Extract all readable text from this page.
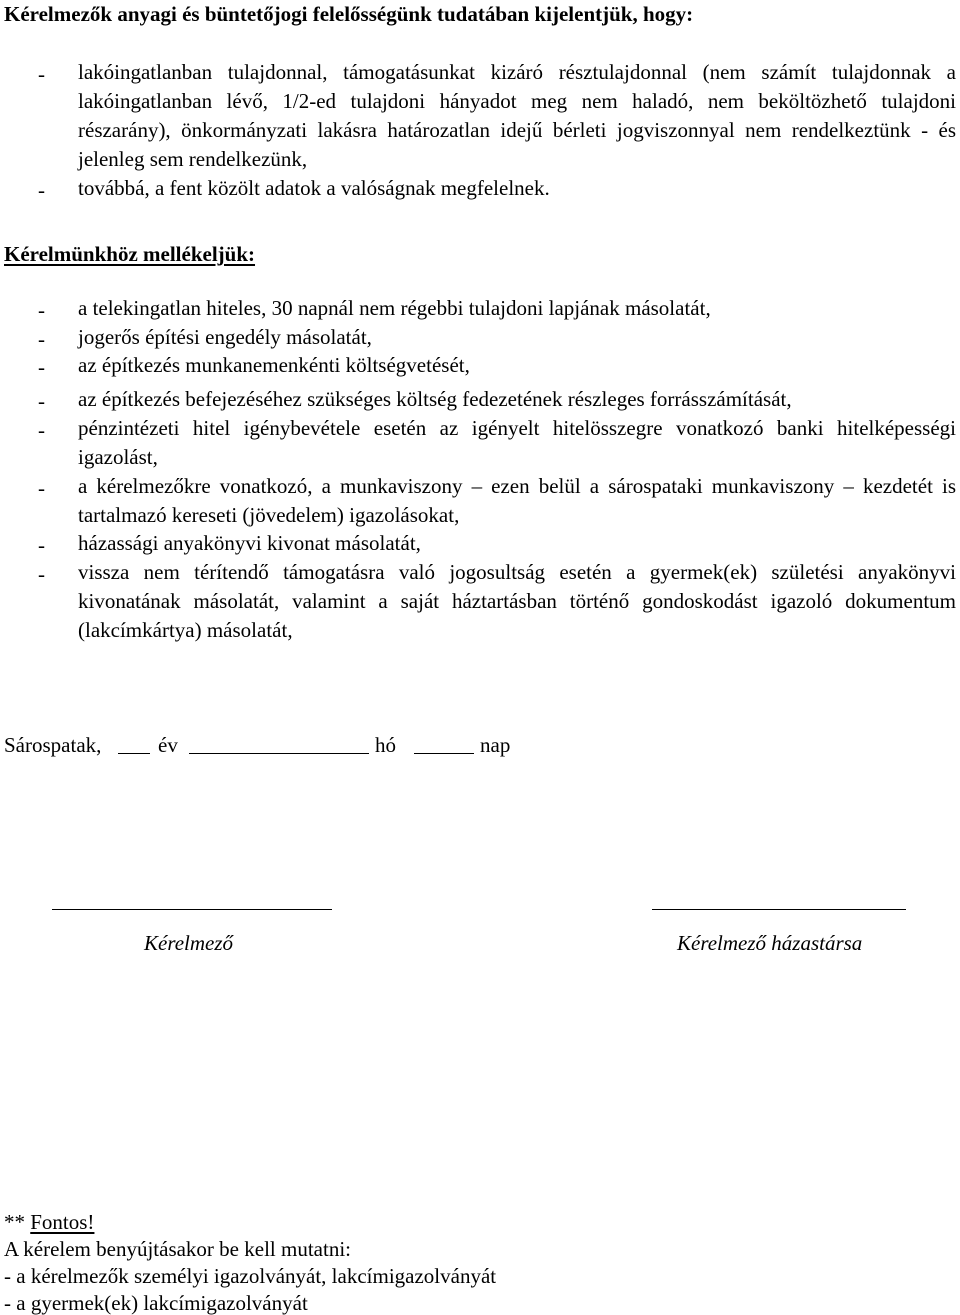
Kérelmezők anyagi és büntetőjogi felelősségünk tudatában kijelentjük, hogy:
- lakóingatlanban tulajdonnal, támogatásunkat kizáró résztulajdonnal (nem számít tulajdonnak a lakóingatlanban lévő, 1/2-ed tulajdoni hányadot meg nem haladó, nem beköltözhető tulajdoni részarány), önkormányzati lakásra határozatlan idejű bérleti jogviszonnyal nem rendelkeztünk - és jelenleg sem rendelkezünk,
- továbbá, a fent közölt adatok a valóságnak megfelelnek.
Kérelmünkhöz mellékeljük:
- a telekingatlan hiteles, 30 napnál nem régebbi tulajdoni lapjának másolatát,
- jogerős építési engedély másolatát,
- az építkezés munkanemenkénti költségvetését,
- az építkezés befejezéséhez szükséges költség fedezetének részleges forrásszámítását,
- pénzintézeti hitel igénybevétele esetén az igényelt hitelösszegre vonatkozó banki hitelképességi igazolást,
- a kérelmezőkre vonatkozó, a munkaviszony – ezen belül a sárospataki munkaviszony – kezdetét is tartalmazó kereseti (jövedelem) igazolásokat,
- házassági anyakönyvi kivonat másolatát,
- vissza nem térítendő támogatásra való jogosultság esetén a gyermek(ek) születési anyakönyvi kivonatának másolatát, valamint a saját háztartásban történő gondoskodást igazoló dokumentum (lakcímkártya) másolatát,
Sárospatak,	év	hó	nap
Kérelmező	Kérelmező házastársa
** Fontos!
A kérelem benyújtásakor be kell mutatni:
- a kérelmezők személyi igazolványát, lakcímigazolványát
- a gyermek(ek) lakcímigazolványát
